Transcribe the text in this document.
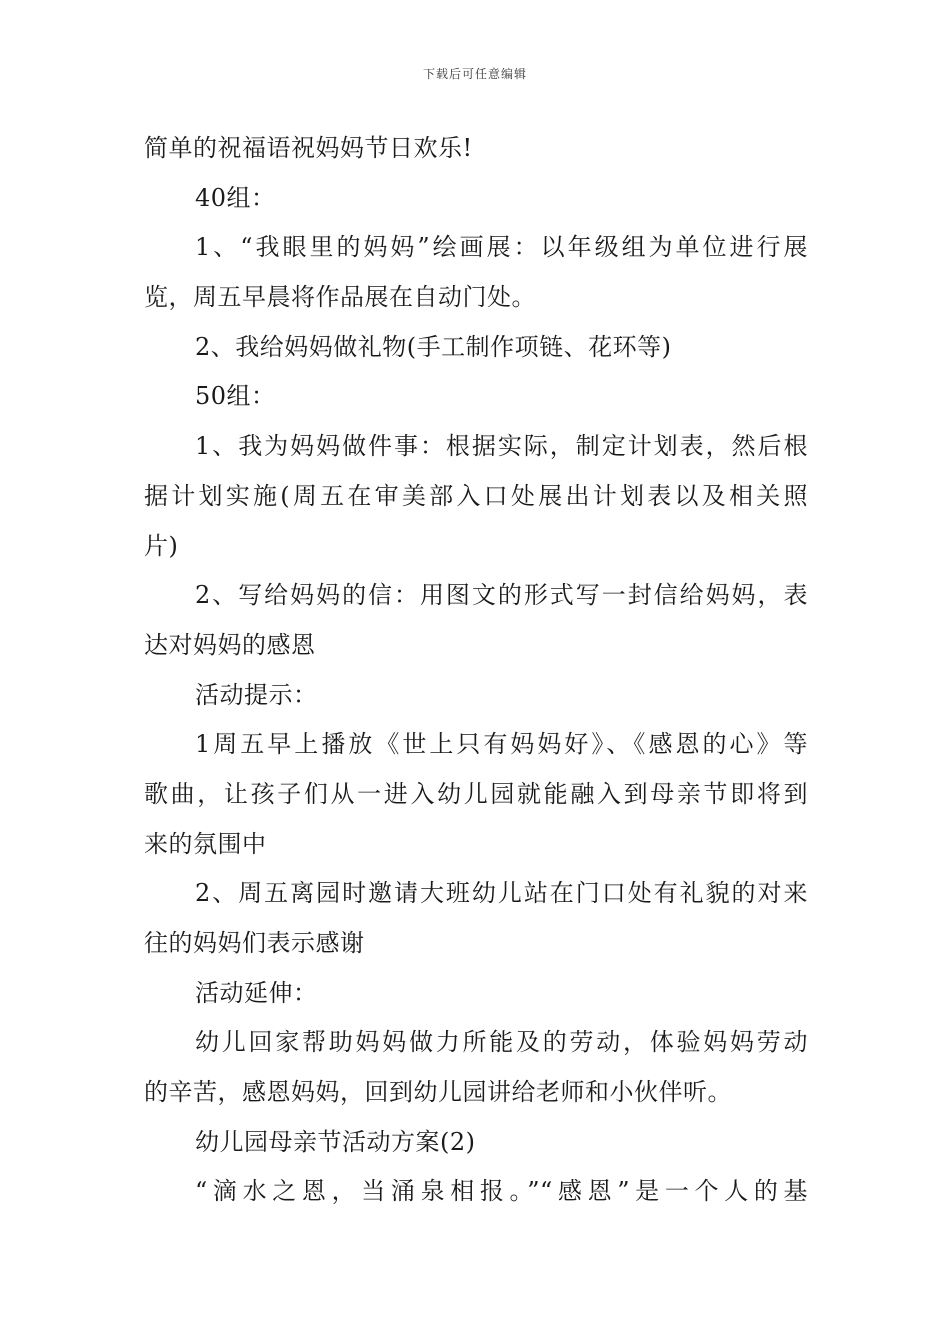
下载后可任意编辑
简单的祝福语祝妈妈节日欢乐!
40组：
1、“我眼里的妈妈”绘画展：以年级组为单位进行展
览，周五早晨将作品展在自动门处。
2、我给妈妈做礼物(手工制作项链、花环等)
50组：
1、我为妈妈做件事：根据实际，制定计划表，然后根
据计划实施(周五在审美部入口处展出计划表以及相关照
片)
2、写给妈妈的信：用图文的形式写一封信给妈妈，表
达对妈妈的感恩
活动提示：
1周五早上播放《世上只有妈妈好》、《感恩的心》等
歌曲，让孩子们从一进入幼儿园就能融入到母亲节即将到
来的氛围中
2、周五离园时邀请大班幼儿站在门口处有礼貌的对来
往的妈妈们表示感谢
活动延伸：
幼儿回家帮助妈妈做力所能及的劳动，体验妈妈劳动
的辛苦，感恩妈妈，回到幼儿园讲给老师和小伙伴听。
幼儿园母亲节活动方案(2)
“滴水之恩，当涌泉相报。”“感恩”是一个人的基
